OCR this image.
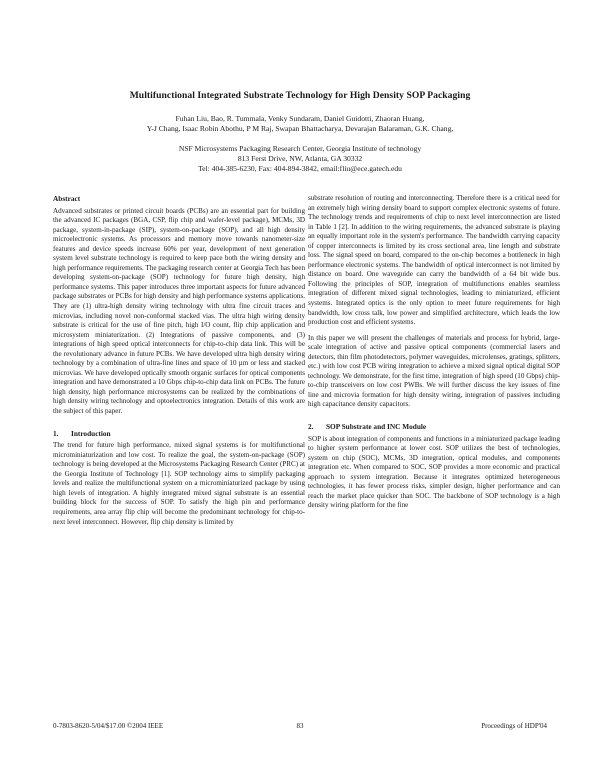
Multifunctional Integrated Substrate Technology for High Density SOP Packaging
Fuhan Liu, Bao, R. Tummala, Venky Sundaram, Daniel Guidotti, Zhaoran Huang,
Y-J Chang, Isaac Robin Abothu, P M Raj, Swapan Bhattacharya, Devarajan Balaraman, G.K. Chang,
NSF Microsystems Packaging Research Center, Georgia Institute of technology
813 Ferst Drive, NW, Atlanta, GA 30332
Tel: 404-385-6230, Fax: 404-894-3842, email:fliu@ece.gatech.edu
Abstract

Advanced substrates or printed circuit boards (PCBs) are an essential part for building the advanced IC packages (BGA, CSP, flip chip and wafer-level package), MCMs, 3D package, system-in-package (SIP), system-on-package (SOP), and all high density microelectronic systems. As processors and memory move towards nanometer-size features and device speeds increase 60% per year, development of next generation system level substrate technology is required to keep pace both the wiring density and high performance requirements. The packaging research center at Georgia Tech has been developing system-on-package (SOP) technology for future high density, high performance systems. This paper introduces three important aspects for future advanced package substrates or PCBs for high density and high performance systems applications. They are (1) ultra-high density wiring technology with ultra fine circuit traces and microvias, including novel non-conformal stacked vias. The ultra high wiring density substrate is critical for the use of fine pitch, high I/O count, flip chip application and microsystem miniaturization. (2) Integrations of passive components, and (3) integrations of high speed optical interconnects for chip-to-chip data link. This will be the revolutionary advance in future PCBs. We have developed ultra high density wiring technology by a combination of ultra-fine lines and space of 10 µm or less and stacked microvias. We have developed optically smooth organic surfaces for optical components integration and have demonstrated a 10 Gbps chip-to-chip data link on PCBs. The future high density, high performance microsystems can be realized by the combinations of high density wiring technology and optoelectronics integration. Details of this work are the subject of this paper.

1. Introduction

The trend for future high performance, mixed signal systems is for multifunctional microminiaturization and low cost. To realize the goal, the system-on-package (SOP) technology is being developed at the Microsystems Packaging Research Center (PRC) at the Georgia Institute of Technology [1]. SOP technology aims to simplify packaging levels and realize the multifunctional system on a microminiaturized package by using high levels of integration. A highly integrated mixed signal substrate is an essential building block for the success of SOP. To satisfy the high pin and performance requirements, area array flip chip will become the predominant technology for chip-to-next level interconnect. However, flip chip density is limited by

substrate resolution of routing and interconnecting. Therefore there is a critical need for an extremely high wiring density board to support complex electronic systems of future. The technology trends and requirements of chip to next level interconnection are listed in Table 1 [2]. In addition to the wiring requirements, the advanced substrate is playing an equally important role in the system's performance. The bandwidth carrying capacity of copper interconnects is limited by its cross sectional area, line length and substrate loss. The signal speed on board, compared to the on-chip becomes a bottleneck in high performance electronic systems. The bandwidth of optical interconnect is not limited by distance on board. One waveguide can carry the bandwidth of a 64 bit wide bus. Following the principles of SOP, integration of multifunctions enables seamless integration of different mixed signal technologies, leading to miniaturized, efficient systems. Integrated optics is the only option to meet future requirements for high bandwidth, low cross talk, low power and simplified architecture, which leads the low production cost and efficient systems.

In this paper we will present the challenges of materials and process for hybrid, large-scale integration of active and passive optical components (commercial lasers and detectors, thin film photodetectors, polymer waveguides, microlenses, gratings, splitters, etc.) with low cost PCB wiring integration to achieve a mixed signal optical digital SOP technology. We demonstrate, for the first time, integration of high speed (10 Gbps) chip-to-chip transceivers on low cost PWBs. We will further discuss the key issues of fine line and microvia formation for high density wiring, integration of passives including high capacitance density capacitors.

2. SOP Substrate and INC Module

SOP is about integration of components and functions in a miniaturized package leading to higher system performance at lower cost. SOP utilizes the best of technologies, system on chip (SOC), MCMs, 3D integration, optical modules, and components integration etc. When compared to SOC, SOP provides a more economic and practical approach to system integration. Because it integrates optimized heterogeneous technologies, it has fewer process risks, simpler design, higher performance and can reach the market place quicker than SOC. The backbone of SOP technology is a high density wiring platform for the fine

0-7803-8620-5/04/$17.00 ©2004 IEEE	83	Proceedings of HDP'04
